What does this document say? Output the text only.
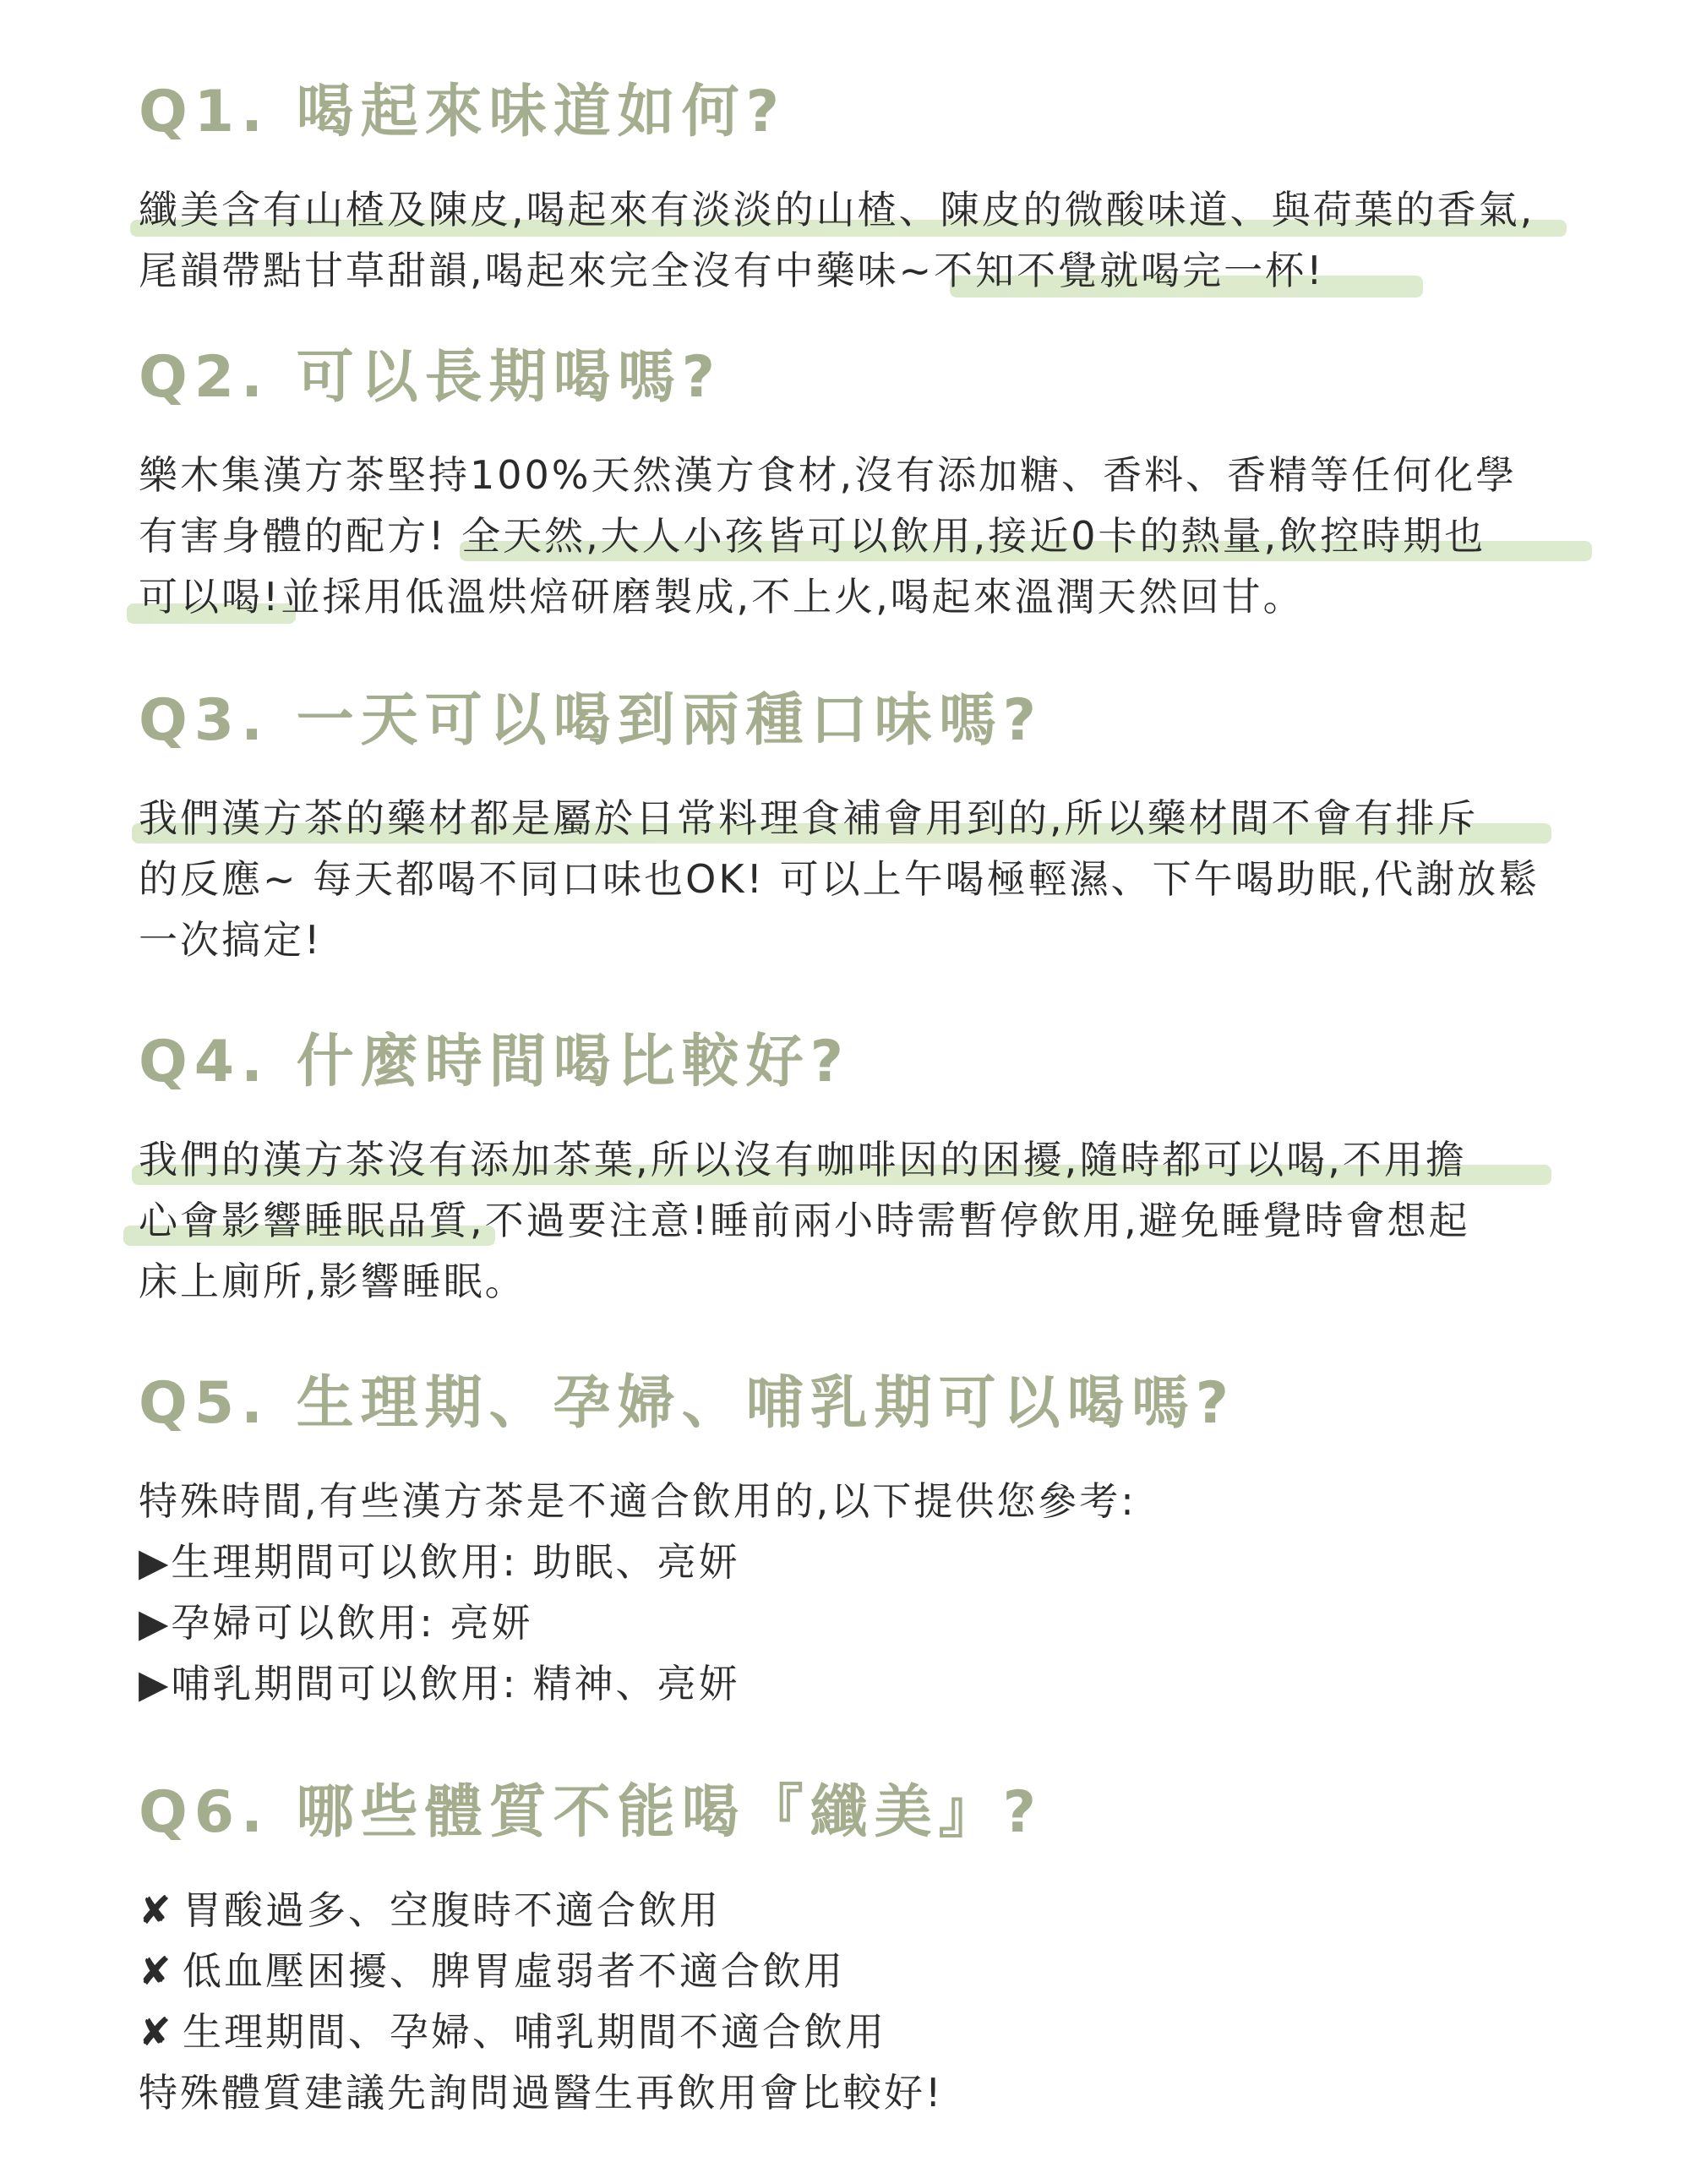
Q1. 喝起來味道如何?
纖美含有山楂及陳皮,喝起來有淡淡的山楂、陳皮的微酸味道、與荷葉的香氣,
尾韻帶點甘草甜韻,喝起來完全沒有中藥味~不知不覺就喝完一杯!
Q2. 可以長期喝嗎?
樂木集漢方茶堅持100%天然漢方食材,沒有添加糖、香料、香精等任何化學
有害身體的配方! 全天然,大人小孩皆可以飲用,接近0卡的熱量,飲控時期也
可以喝!並採用低溫烘焙研磨製成,不上火,喝起來溫潤天然回甘。
Q3. 一天可以喝到兩種口味嗎?
我們漢方茶的藥材都是屬於日常料理食補會用到的,所以藥材間不會有排斥
的反應~ 每天都喝不同口味也OK! 可以上午喝極輕濕、下午喝助眠,代謝放鬆
一次搞定!
Q4. 什麼時間喝比較好?
我們的漢方茶沒有添加茶葉,所以沒有咖啡因的困擾,隨時都可以喝,不用擔
心會影響睡眠品質,不過要注意!睡前兩小時需暫停飲用,避免睡覺時會想起
床上廁所,影響睡眠。
Q5. 生理期、孕婦、哺乳期可以喝嗎?
特殊時間,有些漢方茶是不適合飲用的,以下提供您參考:
▶生理期間可以飲用: 助眠、亮妍
▶孕婦可以飲用: 亮妍
▶哺乳期間可以飲用: 精神、亮妍
Q6. 哪些體質不能喝『纖美』?
✘ 胃酸過多、空腹時不適合飲用
✘ 低血壓困擾、脾胃虛弱者不適合飲用
✘ 生理期間、孕婦、哺乳期間不適合飲用
特殊體質建議先詢問過醫生再飲用會比較好!
